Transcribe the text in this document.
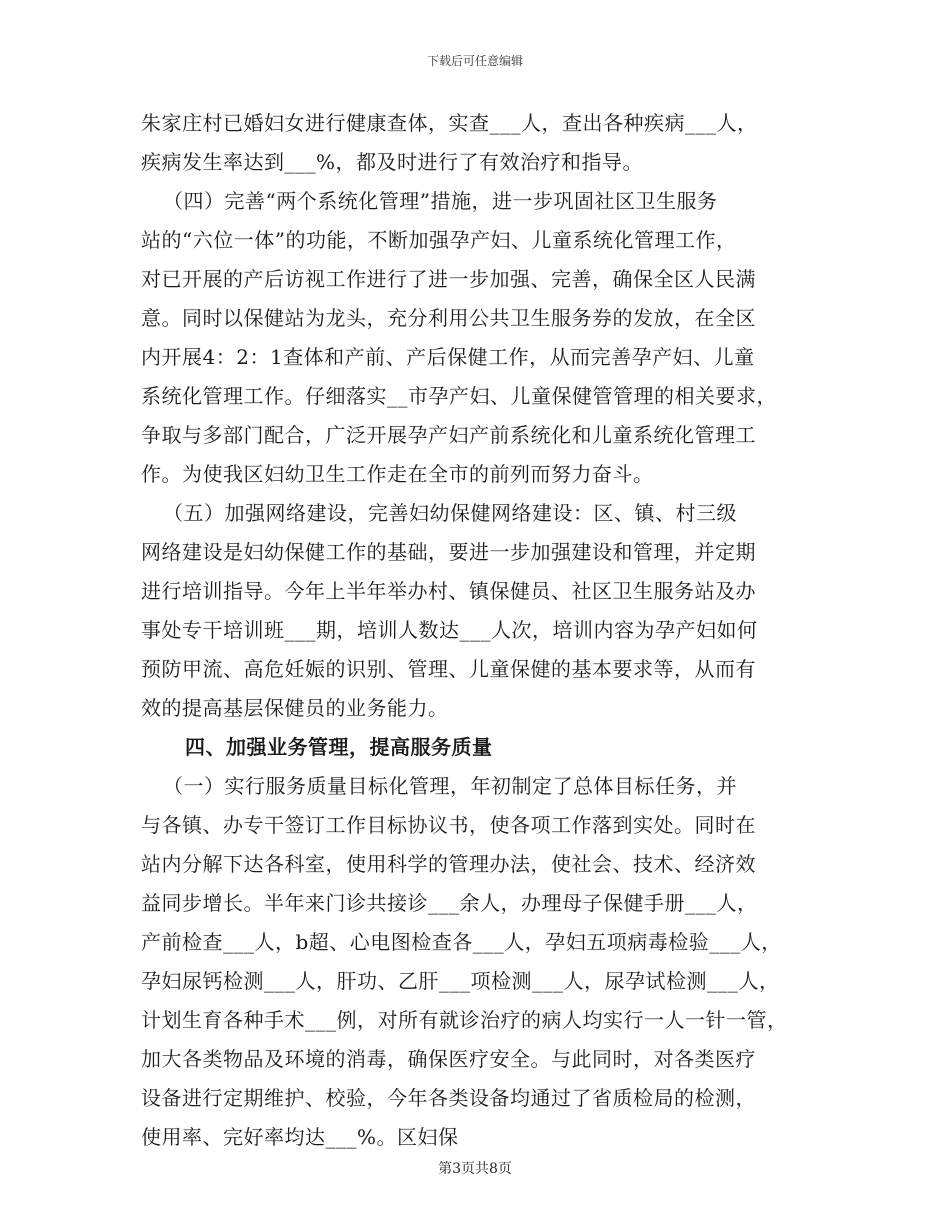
下载后可任意编辑
朱家庄村已婚妇女进行健康查体，实查___人，查出各种疾病___人，
疾病发生率达到___%，都及时进行了有效治疗和指导。
（四）完善“两个系统化管理”措施，进一步巩固社区卫生服务
站的“六位一体”的功能，不断加强孕产妇、儿童系统化管理工作，
对已开展的产后访视工作进行了进一步加强、完善，确保全区人民满
意。同时以保健站为龙头，充分利用公共卫生服务券的发放，在全区
内开展4：2：1查体和产前、产后保健工作，从而完善孕产妇、儿童
系统化管理工作。仔细落实__市孕产妇、儿童保健管管理的相关要求，
争取与多部门配合，广泛开展孕产妇产前系统化和儿童系统化管理工
作。为使我区妇幼卫生工作走在全市的前列而努力奋斗。
（五）加强网络建设，完善妇幼保健网络建设：区、镇、村三级
网络建设是妇幼保健工作的基础，要进一步加强建设和管理，并定期
进行培训指导。今年上半年举办村、镇保健员、社区卫生服务站及办
事处专干培训班___期，培训人数达___人次，培训内容为孕产妇如何
预防甲流、高危妊娠的识别、管理、儿童保健的基本要求等，从而有
效的提高基层保健员的业务能力。
四、加强业务管理，提高服务质量
（一）实行服务质量目标化管理，年初制定了总体目标任务，并
与各镇、办专干签订工作目标协议书，使各项工作落到实处。同时在
站内分解下达各科室，使用科学的管理办法，使社会、技术、经济效
益同步增长。半年来门诊共接诊___余人，办理母子保健手册___人，
产前检查___人，b超、心电图检查各___人，孕妇五项病毒检验___人，
孕妇尿钙检测___人，肝功、乙肝___项检测___人，尿孕试检测___人，
计划生育各种手术___例，对所有就诊治疗的病人均实行一人一针一管，
加大各类物品及环境的消毒，确保医疗安全。与此同时，对各类医疗
设备进行定期维护、校验，今年各类设备均通过了省质检局的检测，
使用率、完好率均达___%。区妇保
第3页共8页
